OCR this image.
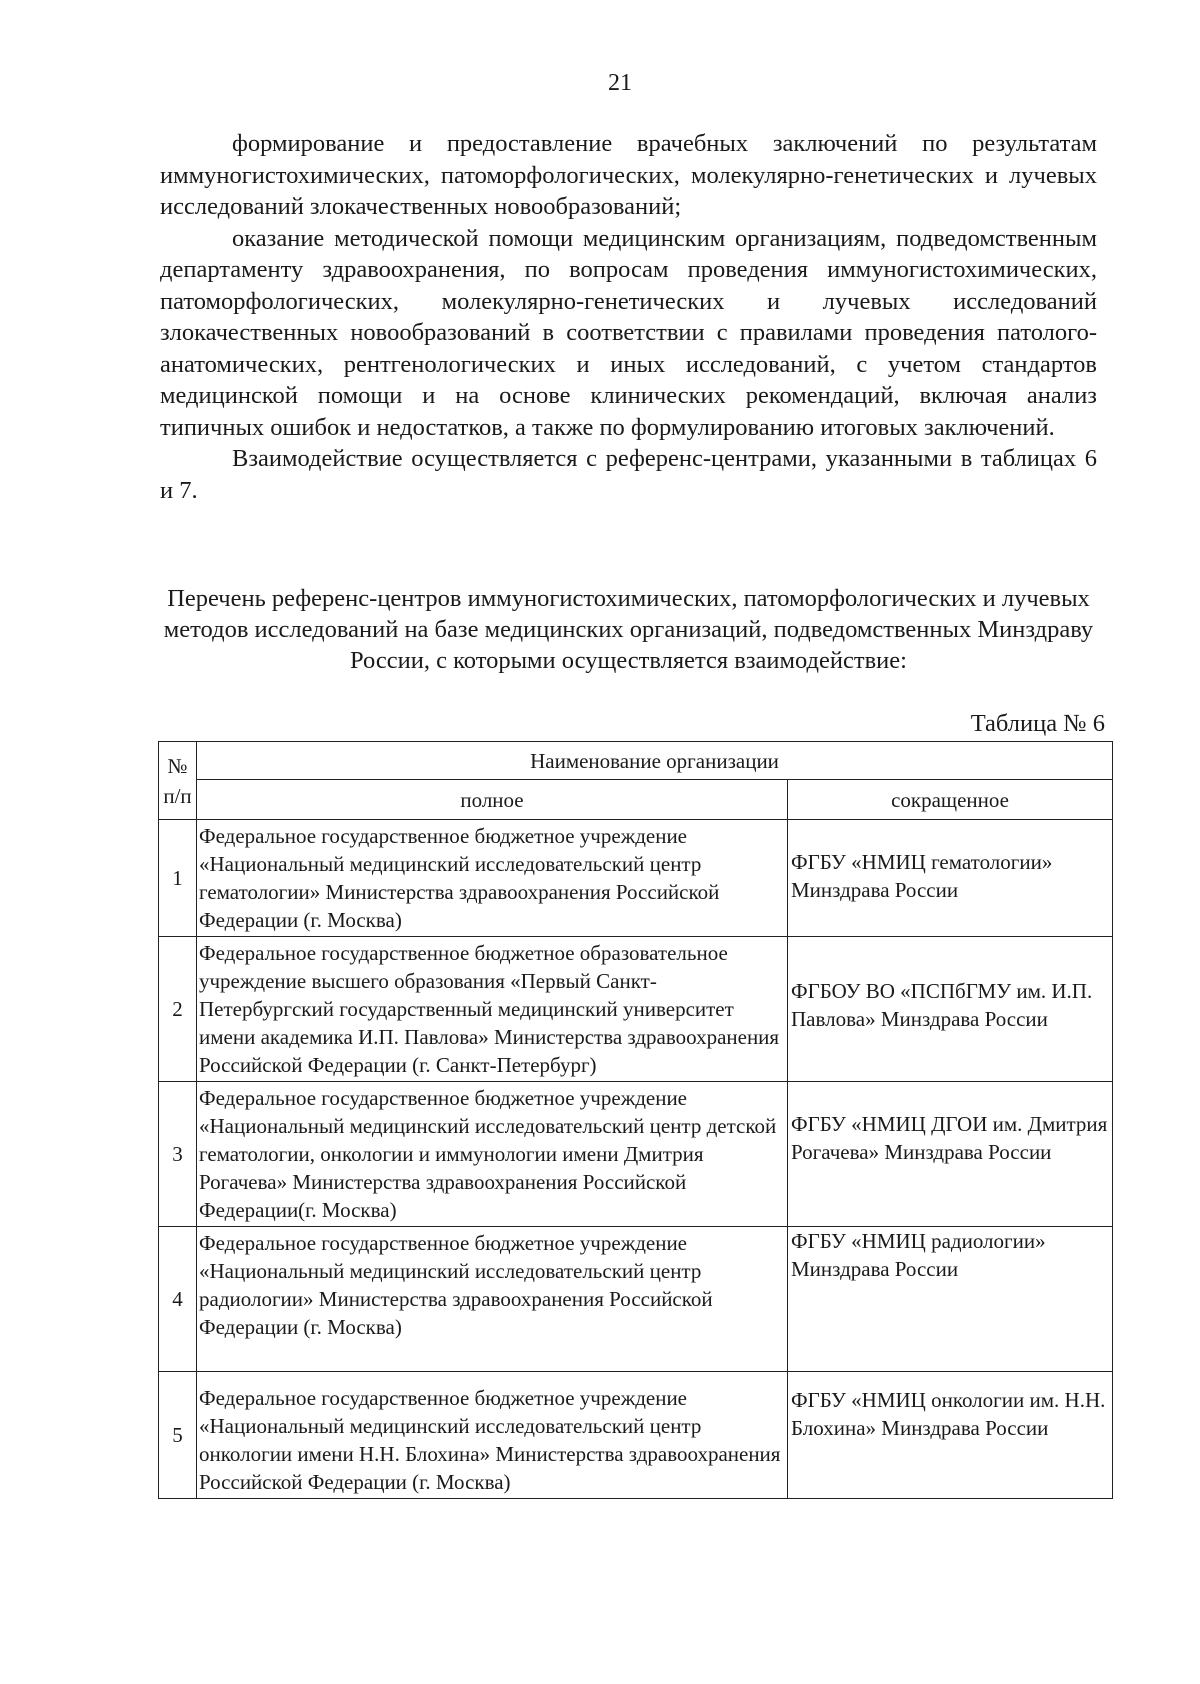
21

формирование и предоставление врачебных заключений по результатам иммуногистохимических, патоморфологических, молекулярно-генетических и лучевых исследований злокачественных новообразований;

оказание методической помощи медицинским организациям, подведомственным департаменту здравоохранения, по вопросам проведения иммуногистохимических, патоморфологических, молекулярно-генетических и лучевых исследований злокачественных новообразований в соответствии с правилами проведения патолого-анатомических, рентгенологических и иных исследований, с учетом стандартов медицинской помощи и на основе клинических рекомендаций, включая анализ типичных ошибок и недостатков, а также по формулированию итоговых заключений.

Взаимодействие осуществляется с референс-центрами, указанными в таблицах 6 и 7.

Перечень референс-центров иммуногистохимических, патоморфологических и лучевых методов исследований на базе медицинских организаций, подведомственных Минздраву России, с которыми осуществляется взаимодействие:
Таблица № 6
№ п/п	Наименование организации	
	полное	сокращенное
1	Федеральное государственное бюджетное учреждение «Национальный медицинский исследовательский центр гематологии» Министерства здравоохранения Российской Федерации (г. Москва)	ФГБУ «НМИЦ гематологии» Минздрава России
2	Федеральное государственное бюджетное образовательное учреждение высшего образования «Первый Санкт-Петербургский государственный медицинский университет имени академика И.П. Павлова» Министерства здравоохранения Российской Федерации (г. Санкт-Петербург)	ФГБОУ ВО «ПСПбГМУ им. И.П. Павлова» Минздрава России
3	Федеральное государственное бюджетное учреждение «Национальный медицинский исследовательский центр детской гематологии, онкологии и иммунологии имени Дмитрия Рогачева» Министерства здравоохранения Российской Федерации(г. Москва)	ФГБУ «НМИЦ ДГОИ им. Дмитрия Рогачева» Минздрава России
4	Федеральное государственное бюджетное учреждение «Национальный медицинский исследовательский центр радиологии» Министерства здравоохранения Российской Федерации (г. Москва)	ФГБУ «НМИЦ радиологии» Минздрава России
5	Федеральное государственное бюджетное учреждение «Национальный медицинский исследовательский центр онкологии имени Н.Н. Блохина» Министерства здравоохранения Российской Федерации (г. Москва)	ФГБУ «НМИЦ онкологии им. Н.Н. Блохина» Минздрава России
